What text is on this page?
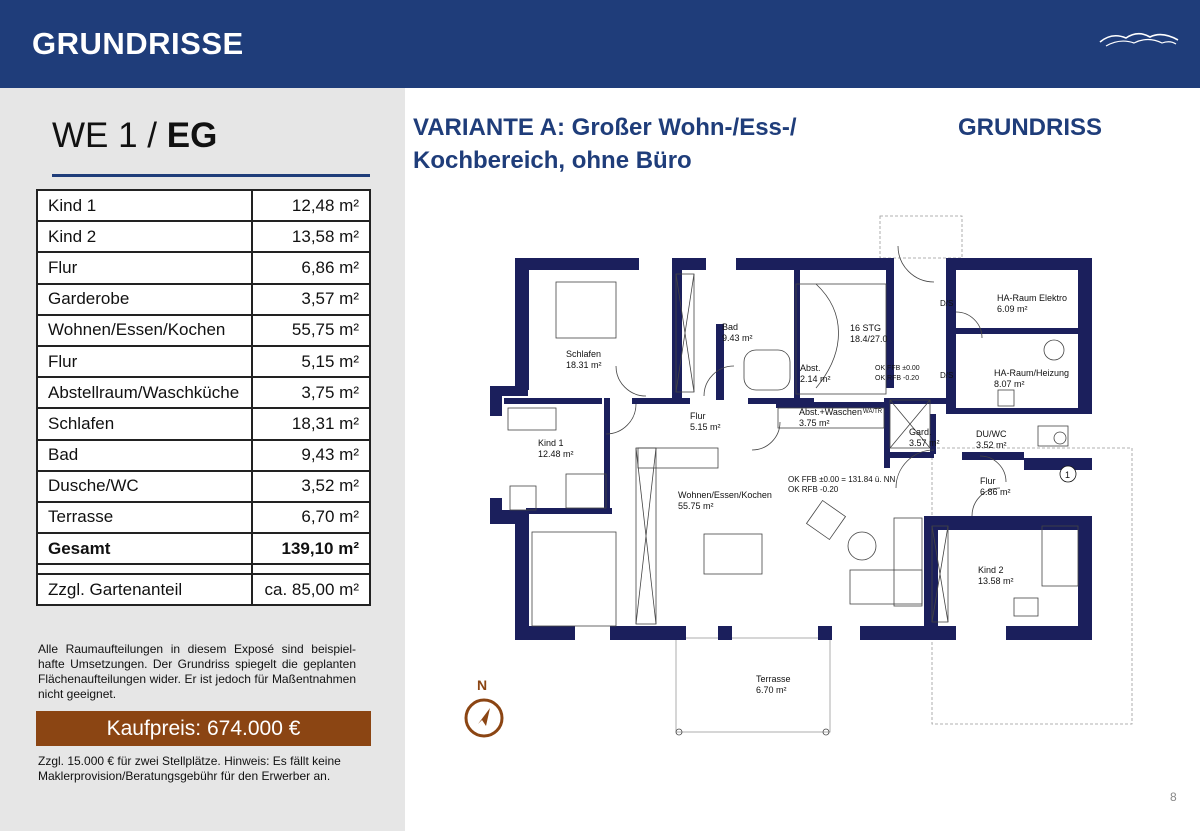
GRUNDRISSE
WE 1 / EG
Kind 1	12,48 m²
Kind 2	13,58 m²
Flur	6,86 m²
Garderobe	3,57 m²
Wohnen/Essen/Kochen	55,75 m²
Flur	5,15 m²
Abstellraum/Waschküche	3,75 m²
Schlafen	18,31 m²
Bad	9,43 m²
Dusche/WC	3,52 m²
Terrasse	6,70 m²
Gesamt	139,10 m²

Zzgl. Gartenanteil	ca. 85,00 m²
Alle Raumaufteilungen in diesem Exposé sind beispiel-hafte Umsetzungen. Der Grundriss spiegelt die geplanten Flächenaufteilungen wider. Er ist jedoch für Maßentnahmen nicht geeignet.
Kaufpreis: 674.000 €
Zzgl. 15.000 € für zwei Stellplätze. Hinweis: Es fällt keine Maklerprovision/Beratungsgebühr für den Erwerber an.
VARIANTE A: Großer Wohn-/Ess-/
Kochbereich, ohne Büro
GRUNDRISS
Schlafen
18.31 m²
Bad
9.43 m²
16 STG
18.4/27.0
OK FFB ±0.00
OK RFB -0.20
D/S
D/S
HA-Raum Elektro
6.09 m²
HA-Raum/Heizung
8.07 m²
Abst.
2.14 m²
Flur
5.15 m²
Abst.+Waschen
3.75 m²
WA/TR
Gard.
3.57 m²
DU/WC
3.52 m²
Kind 1
12.48 m²
OK FFB ±0.00 = 131.84 ü. NN
OK RFB -0.20
Wohnen/Essen/Kochen
55.75 m²
Flur
6.86 m²
Kind 2
13.58 m²
Terrasse
6.70 m²
1
N
8
